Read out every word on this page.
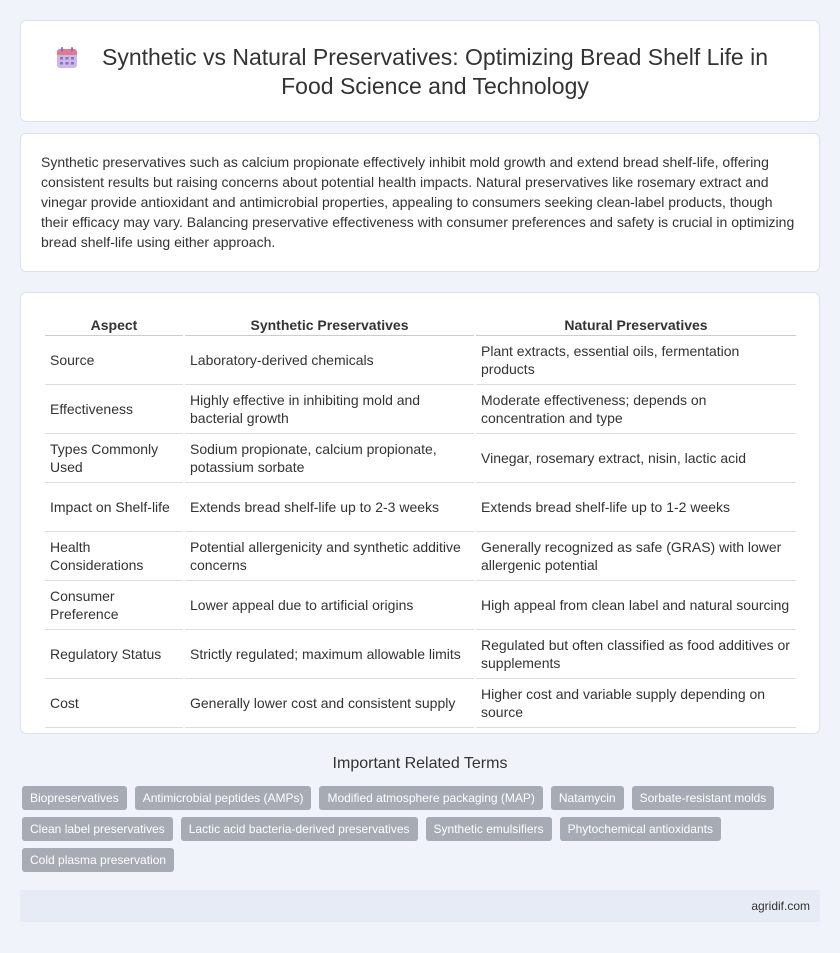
Synthetic vs Natural Preservatives: Optimizing Bread Shelf Life in Food Science and Technology

Synthetic preservatives such as calcium propionate effectively inhibit mold growth and extend bread shelf-life, offering consistent results but raising concerns about potential health impacts. Natural preservatives like rosemary extract and vinegar provide antioxidant and antimicrobial properties, appealing to consumers seeking clean-label products, though their efficacy may vary. Balancing preservative effectiveness with consumer preferences and safety is crucial in optimizing bread shelf-life using either approach.

Aspect	Synthetic Preservatives	Natural Preservatives
Source	Laboratory-derived chemicals	Plant extracts, essential oils, fermentation products
Effectiveness	Highly effective in inhibiting mold and bacterial growth	Moderate effectiveness; depends on concentration and type
Types Commonly Used	Sodium propionate, calcium propionate, potassium sorbate	Vinegar, rosemary extract, nisin, lactic acid
Impact on Shelf-life	Extends bread shelf-life up to 2-3 weeks	Extends bread shelf-life up to 1-2 weeks
Health Considerations	Potential allergenicity and synthetic additive concerns	Generally recognized as safe (GRAS) with lower allergenic potential
Consumer Preference	Lower appeal due to artificial origins	High appeal from clean label and natural sourcing
Regulatory Status	Strictly regulated; maximum allowable limits	Regulated but often classified as food additives or supplements
Cost	Generally lower cost and consistent supply	Higher cost and variable supply depending on source
Important Related Terms
Biopreservatives	Antimicrobial peptides (AMPs)	Modified atmosphere packaging (MAP)	Natamycin	Sorbate-resistant molds
Clean label preservatives	Lactic acid bacteria-derived preservatives	Synthetic emulsifiers	Phytochemical antioxidants
Cold plasma preservation
agridif.com
